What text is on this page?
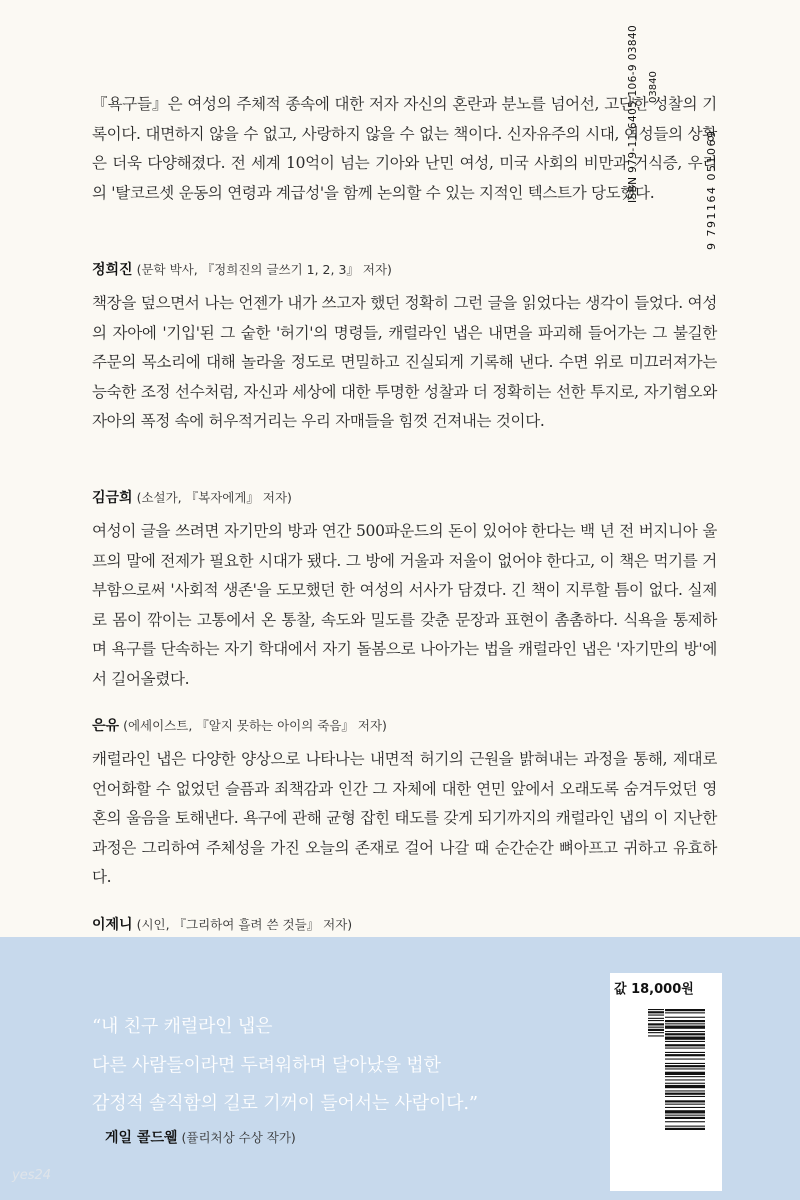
『욕구들』은 여성의 주체적 종속에 대한 저자 자신의 혼란과 분노를 넘어선, 고단한 성찰의 기록이다. 대면하지 않을 수 없고, 사랑하지 않을 수 없는 책이다. 신자유주의 시대, 여성들의 상황은 더욱 다양해졌다. 전 세계 10억이 넘는 기아와 난민 여성, 미국 사회의 비만과 거식증, 우리의 '탈코르셋 운동의 연령과 계급성'을 함께 논의할 수 있는 지적인 텍스트가 당도했다.
정희진 (문학 박사, 『정희진의 글쓰기 1, 2, 3』 저자)
책장을 덮으면서 나는 언젠가 내가 쓰고자 했던 정확히 그런 글을 읽었다는 생각이 들었다. 여성의 자아에 '기입'된 그 숱한 '허기'의 명령들, 캐럴라인 냅은 내면을 파괴해 들어가는 그 불길한 주문의 목소리에 대해 놀라울 정도로 면밀하고 진실되게 기록해 낸다. 수면 위로 미끄러져가는 능숙한 조정 선수처럼, 자신과 세상에 대한 투명한 성찰과 더 정확히는 선한 투지로, 자기혐오와 자아의 폭정 속에 허우적거리는 우리 자매들을 힘껏 건져내는 것이다.
김금희 (소설가, 『복자에게』 저자)
여성이 글을 쓰려면 자기만의 방과 연간 500파운드의 돈이 있어야 한다는 백 년 전 버지니아 울프의 말에 전제가 필요한 시대가 됐다. 그 방에 거울과 저울이 없어야 한다고, 이 책은 먹기를 거부함으로써 '사회적 생존'을 도모했던 한 여성의 서사가 담겼다. 긴 책이 지루할 틈이 없다. 실제로 몸이 깎이는 고통에서 온 통찰, 속도와 밀도를 갖춘 문장과 표현이 촘촘하다. 식욕을 통제하며 욕구를 단속하는 자기 학대에서 자기 돌봄으로 나아가는 법을 캐럴라인 냅은 '자기만의 방'에서 길어올렸다.
은유 (에세이스트, 『알지 못하는 아이의 죽음』 저자)
캐럴라인 냅은 다양한 양상으로 나타나는 내면적 허기의 근원을 밝혀내는 과정을 통해, 제대로 언어화할 수 없었던 슬픔과 죄책감과 인간 그 자체에 대한 연민 앞에서 오래도록 숨겨두었던 영혼의 울음을 토해낸다. 욕구에 관해 균형 잡힌 태도를 갖게 되기까지의 캐럴라인 냅의 이 지난한 과정은 그리하여 주체성을 가진 오늘의 존재로 걸어 나갈 때 순간순간 뼈아프고 귀하고 유효하다.
이제니 (시인, 『그리하여 흘려 쓴 것들』 저자)
“내 친구 캐럴라인 냅은
다른 사람들이라면 두려워하며 달아났을 법한
감정적 솔직함의 길로 기꺼이 들어서는 사람이다.”
게일 콜드웰 (퓰리처상 수상 작가)
값 18,000원
ISBN 979-11-6405-106-9 03840 03840
9 791164 051069
yes24
